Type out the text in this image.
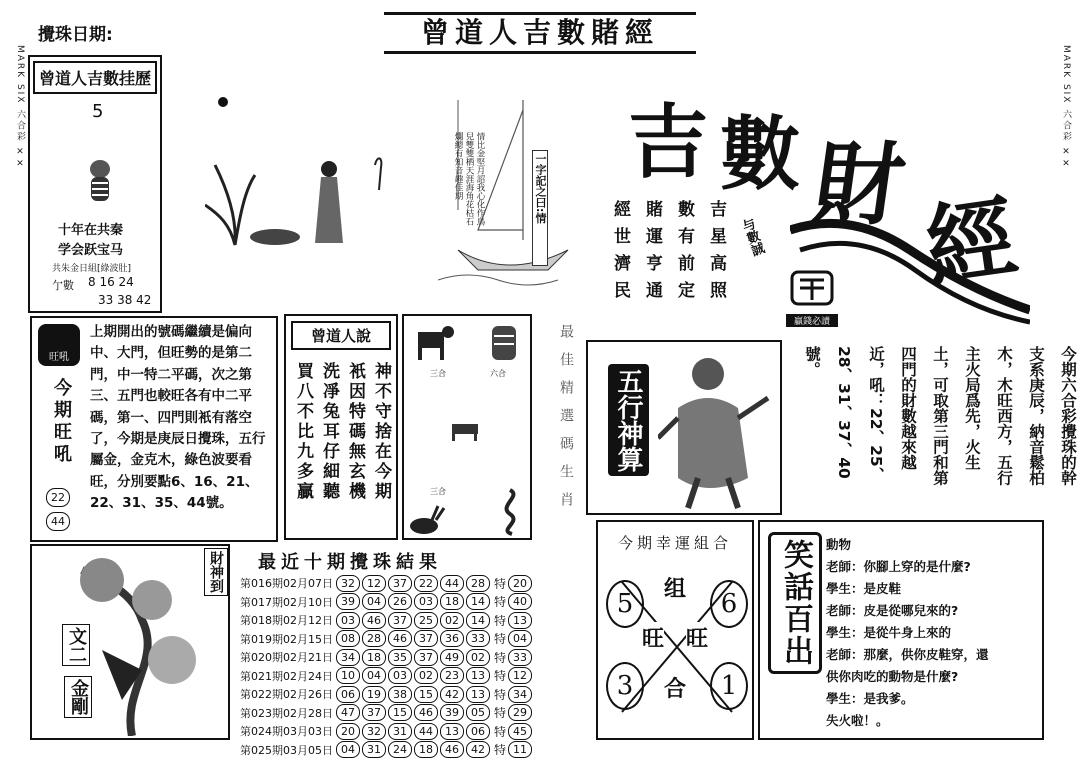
MARK SIX 六合彩 ✕✕	MARK SIX 六合彩 ✕✕
攪珠日期:	曾道人吉數賭經
曾道人吉數挂歷
5
十年在共秦
学会跃宝马
共朱金日組[綠波肚]
亇數 8 16 24
33 38 42
情比金堅月詔我心化作鳥兒雙雙栖天涯海角花枯石爛總有知音趣佳期	一字記之曰:情 吉 數 財 經
吉星高照
數有前定
賭運亨通
經世濟民	与數誠
贏錢必讀
旺吼
今期旺吼
22
44
上期開出的號碼繼續是偏向中、大門，但旺勢的是第二門，中一特二平碼，次之第三、五門也較旺各有中二平碼，第一、四門則衹有落空了，今期是庚辰日攪珠，五行屬金，金克木，綠色波要看旺，分別要點6、16、21、22、31、35、44號。
曾道人說
神不守捨在今期
衹因特碼無玄機
洗凈兔耳仔細聽
買八不比九多贏	三合	六合
三合	最佳精選碼生肖 五行神算	今期六合彩攪珠的幹支系庚辰，納音鬆柏木，木旺西方，五行主火局爲先，火生土，可取第三門和第四門的財數越來越近，吼：22、25、28、31、37、40號。
文二
金剛
財神到 最近十期攪珠結果
第016期02月07日 32	12	37	22	44	28 特 20
第017期02月10日 39	04	26	03	18	14 特 40
第018期02月12日 03	46	37	25	02	14 特 13
第019期02月15日 08	28	46	37	36	33 特 04
第020期02月21日 34	18	35	37	49	02 特 33
第021期02月24日 10	04	03	02	23	13 特 12
第022期02月26日 06	19	38	15	42	13 特 34
第023期02月28日 47	37	15	46	39	05 特 29
第024期03月03日 20	32	31	44	13	06 特 45
第025期03月05日 04	31	24	18	46	42 特 11
今期幸運組合
5	6
3	1
组
旺 旺
合
笑話百出	動物
老師：你腳上穿的是什麼?
學生：是皮鞋
老師：皮是從哪兒來的?
學生：是從牛身上來的
老師：那麼，供你皮鞋穿，還
供你肉吃的動物是什麼?
學生：是我爹。
失火啦！。
